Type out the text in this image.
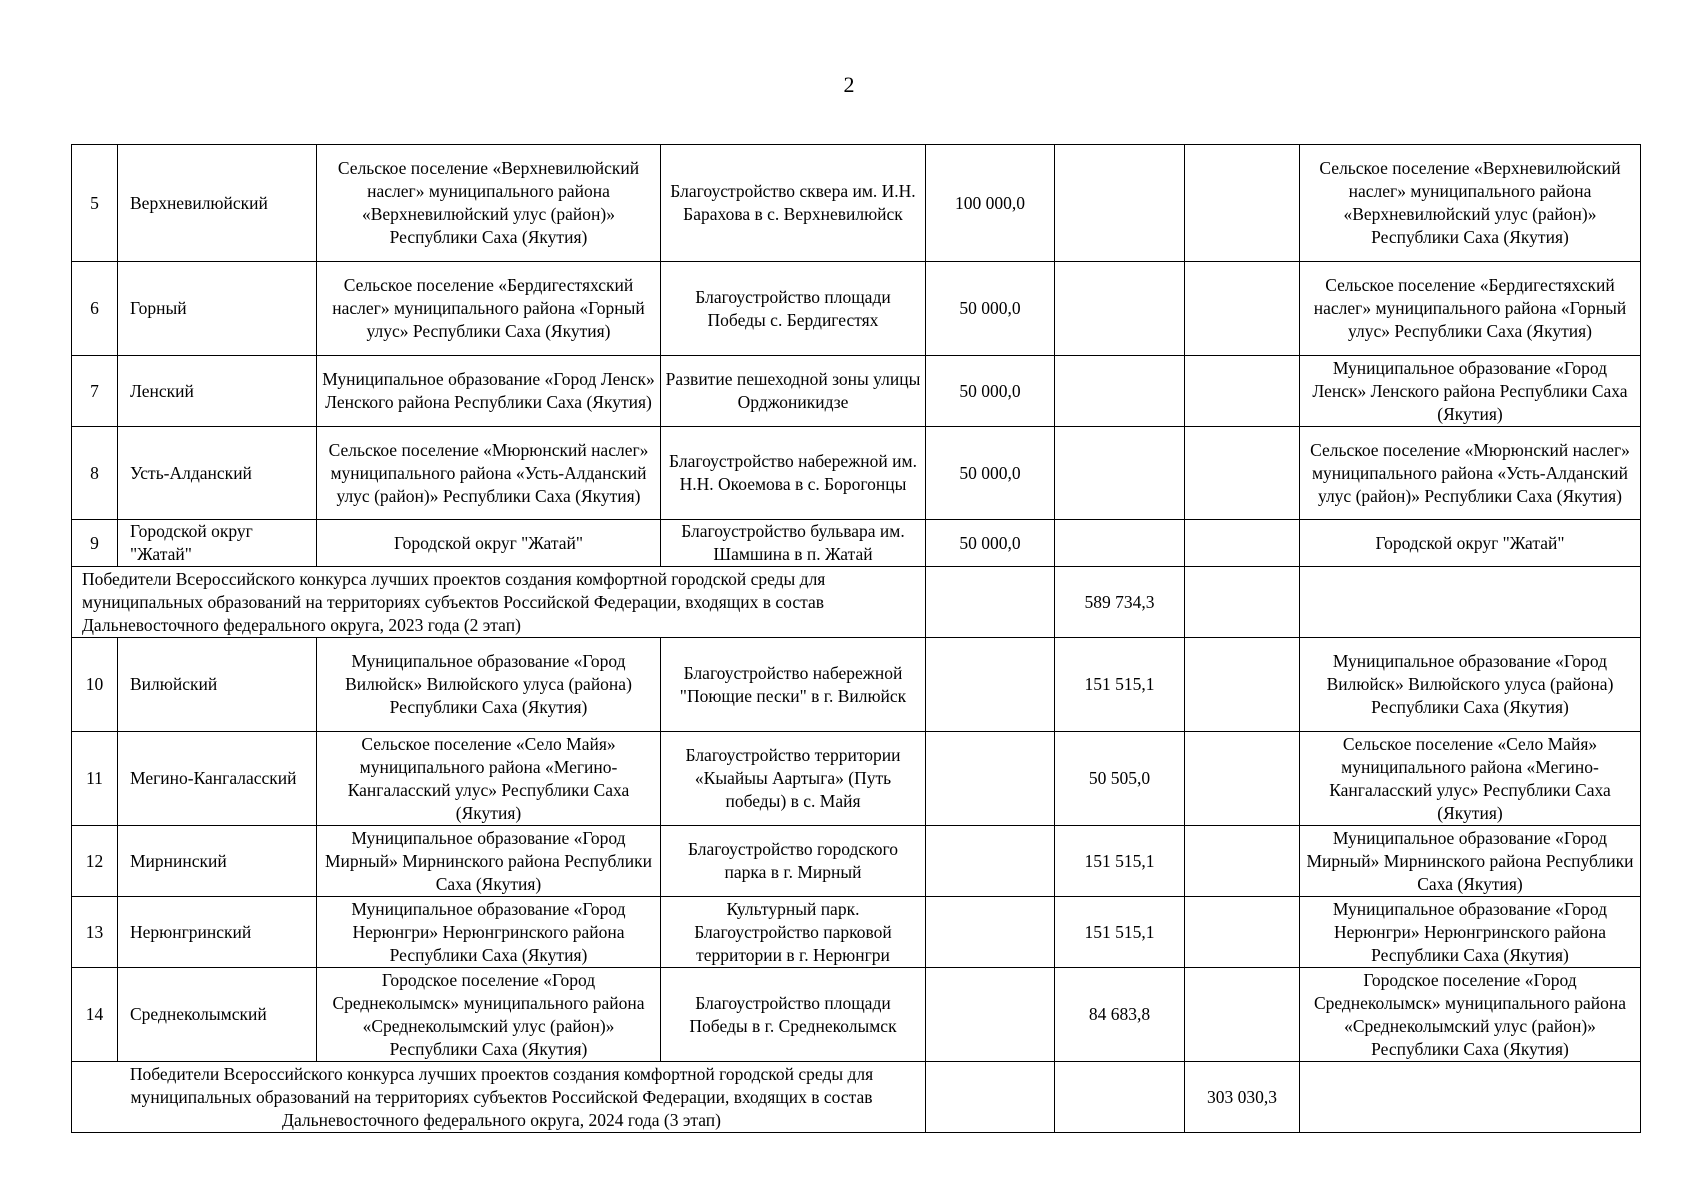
2
5	Верхневилюйский	Сельское поселение «Верхневилюйский наслег» муниципального района «Верхневилюйский улус (район)» Республики Саха (Якутия)	Благоустройство сквера им. И.Н. Барахова в с. Верхневилюйск	100 000,0			Сельское поселение «Верхневилюйский наслег» муниципального района «Верхневилюйский улус (район)» Республики Саха (Якутия)
6	Горный	Сельское поселение «Бердигестяхский наслег» муниципального района «Горный улус» Республики Саха (Якутия)	Благоустройство площади Победы с. Бердигестях	50 000,0			Сельское поселение «Бердигестяхский наслег» муниципального района «Горный улус» Республики Саха (Якутия)
7	Ленский	Муниципальное образование «Город Ленск» Ленского района Республики Саха (Якутия)	Развитие пешеходной зоны улицы Орджоникидзе	50 000,0			Муниципальное образование «Город Ленск» Ленского района Республики Саха (Якутия)
8	Усть-Алданский	Сельское поселение «Мюрюнский наслег» муниципального района «Усть-Алданский улус (район)» Республики Саха (Якутия)	Благоустройство набережной им. Н.Н. Окоемова в с. Борогонцы	50 000,0			Сельское поселение «Мюрюнский наслег» муниципального района «Усть-Алданский улус (район)» Республики Саха (Якутия)
9	Городской округ "Жатай"	Городской округ "Жатай"	Благоустройство бульвара им. Шамшина в п. Жатай	50 000,0			Городской округ "Жатай"
Победители Всероссийского конкурса лучших проектов создания комфортной городской среды для муниципальных образований на территориях субъектов Российской Федерации, входящих в состав Дальневосточного федерального округа, 2023 года (2 этап)					589 734,3		
10	Вилюйский	Муниципальное образование «Город Вилюйск» Вилюйского улуса (района) Республики Саха (Якутия)	Благоустройство набережной "Поющие пески" в г. Вилюйск		151 515,1		Муниципальное образование «Город Вилюйск» Вилюйского улуса (района) Республики Саха (Якутия)
11	Мегино-Кангаласский	Сельское поселение «Село Майя» муниципального района «Мегино-Кангаласский улус» Республики Саха (Якутия)	Благоустройство территории «Кыайыы Аартыга» (Путь победы) в с. Майя		50 505,0		Сельское поселение «Село Майя» муниципального района «Мегино-Кангаласский улус» Республики Саха (Якутия)
12	Мирнинский	Муниципальное образование «Город Мирный» Мирнинского района Республики Саха (Якутия)	Благоустройство городского парка в г. Мирный		151 515,1		Муниципальное образование «Город Мирный» Мирнинского района Республики Саха (Якутия)
13	Нерюнгринский	Муниципальное образование «Город Нерюнгри» Нерюнгринского района Республики Саха (Якутия)	Культурный парк. Благоустройство парковой территории в г. Нерюнгри		151 515,1		Муниципальное образование «Город Нерюнгри» Нерюнгринского района Республики Саха (Якутия)
14	Среднеколымский	Городское поселение «Город Среднеколымск» муниципального района «Среднеколымский улус (район)» Республики Саха (Якутия)	Благоустройство площади Победы в г. Среднеколымск		84 683,8		Городское поселение «Город Среднеколымск» муниципального района «Среднеколымский улус (район)» Республики Саха (Якутия)
Победители Всероссийского конкурса лучших проектов создания комфортной городской среды для муниципальных образований на территориях субъектов Российской Федерации, входящих в состав Дальневосточного федерального округа, 2024 года (3 этап)						303 030,3	
